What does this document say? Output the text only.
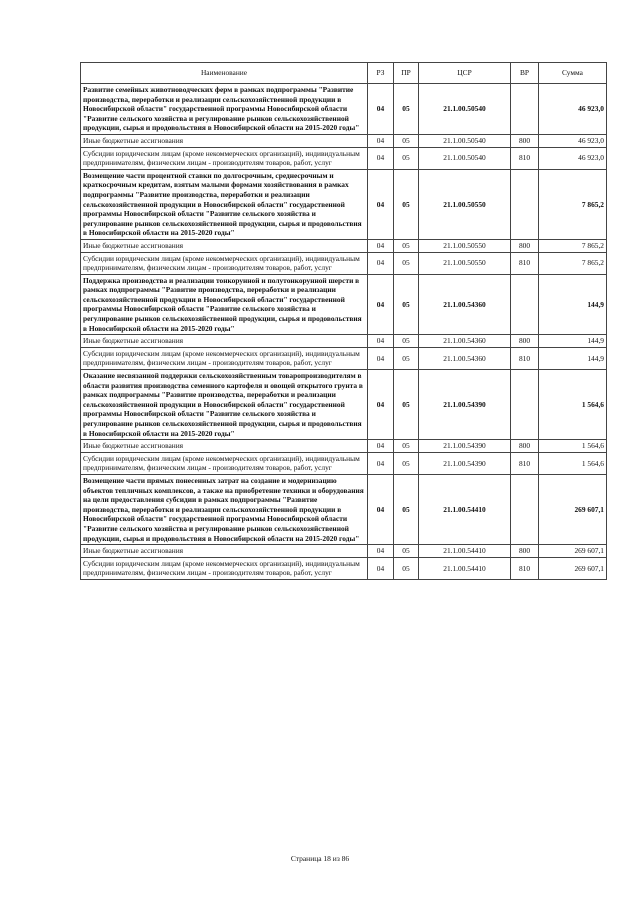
Наименование	РЗ	ПР	ЦСР	ВР	Сумма
Развитие семейных животноводческих ферм в рамках подпрограммы "Развитие производства, переработки и реализации сельскохозяйственной продукции в Новосибирской области" государственной программы Новосибирской области "Развитие сельского хозяйства и регулирование рынков сельскохозяйственной продукции, сырья и продовольствия в Новосибирской области на 2015-2020 годы"	04	05	21.1.00.50540		46 923,0
Иные бюджетные ассигнования	04	05	21.1.00.50540	800	46 923,0
Субсидии юридическим лицам (кроме некоммерческих организаций), индивидуальным предпринимателям, физическим лицам - производителям товаров, работ, услуг	04	05	21.1.00.50540	810	46 923,0
Возмещение части процентной ставки по долгосрочным, среднесрочным и краткосрочным кредитам, взятым малыми формами хозяйствования в рамках подпрограммы "Развитие производства, переработки и реализации сельскохозяйственной продукции в Новосибирской области" государственной программы Новосибирской области "Развитие сельского хозяйства и регулирование рынков сельскохозяйственной продукции, сырья и продовольствия в Новосибирской области на 2015-2020 годы"	04	05	21.1.00.50550		7 865,2
Иные бюджетные ассигнования	04	05	21.1.00.50550	800	7 865,2
Субсидии юридическим лицам (кроме некоммерческих организаций), индивидуальным предпринимателям, физическим лицам - производителям товаров, работ, услуг	04	05	21.1.00.50550	810	7 865,2
Поддержка производства и реализации тонкорунной и полутонкорунной шерсти в рамках подпрограммы "Развитие производства, переработки и реализации сельскохозяйственной продукции в Новосибирской области" государственной программы Новосибирской области "Развитие сельского хозяйства и регулирование рынков сельскохозяйственной продукции, сырья и продовольствия в Новосибирской области на 2015-2020 годы"	04	05	21.1.00.54360		144,9
Иные бюджетные ассигнования	04	05	21.1.00.54360	800	144,9
Субсидии юридическим лицам (кроме некоммерческих организаций), индивидуальным предпринимателям, физическим лицам - производителям товаров, работ, услуг	04	05	21.1.00.54360	810	144,9
Оказание несвязанной поддержки сельскохозяйственным товаропроизводителям в области развития производства семенного картофеля и овощей открытого грунта в рамках подпрограммы "Развитие производства, переработки и реализации сельскохозяйственной продукции в Новосибирской области" государственной программы Новосибирской области "Развитие сельского хозяйства и регулирование рынков сельскохозяйственной продукции, сырья и продовольствия в Новосибирской области на 2015-2020 годы"	04	05	21.1.00.54390		1 564,6
Иные бюджетные ассигнования	04	05	21.1.00.54390	800	1 564,6
Субсидии юридическим лицам (кроме некоммерческих организаций), индивидуальным предпринимателям, физическим лицам - производителям товаров, работ, услуг	04	05	21.1.00.54390	810	1 564,6
Возмещение части прямых понесенных затрат на создание и модернизацию объектов тепличных комплексов, а также на приобретение техники и оборудования на цели предоставления субсидии в рамках подпрограммы "Развитие производства, переработки и реализации сельскохозяйственной продукции в Новосибирской области" государственной программы Новосибирской области "Развитие сельского хозяйства и регулирование рынков сельскохозяйственной продукции, сырья и продовольствия в Новосибирской области на 2015-2020 годы"	04	05	21.1.00.54410		269 607,1
Иные бюджетные ассигнования	04	05	21.1.00.54410	800	269 607,1
Субсидии юридическим лицам (кроме некоммерческих организаций), индивидуальным предпринимателям, физическим лицам - производителям товаров, работ, услуг	04	05	21.1.00.54410	810	269 607,1
Страница 18 из 86
